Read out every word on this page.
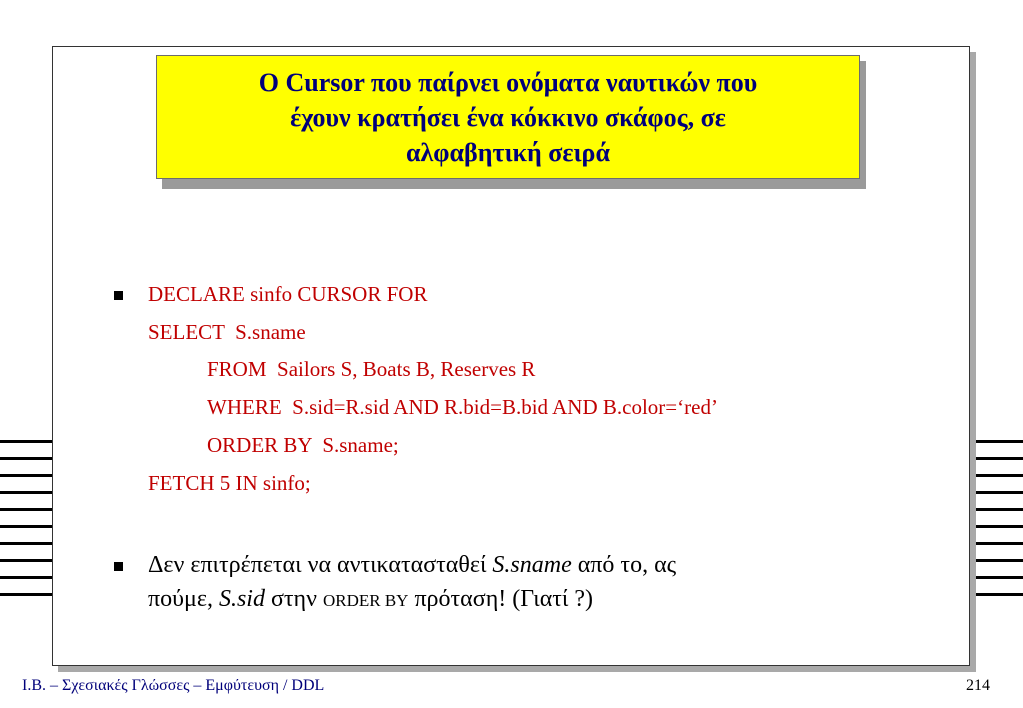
Ο Cursor που παίρνει ονόματα ναυτικών που
έχουν κρατήσει ένα κόκκινο σκάφος, σε
αλφαβητική σειρά
DECLARE sinfo CURSOR FOR
SELECT  S.sname
FROM  Sailors S, Boats B, Reserves R
WHERE  S.sid=R.sid AND R.bid=B.bid AND B.color=‘red’
ORDER BY  S.sname;
FETCH 5 IN sinfo;
Δεν επιτρέπεται να αντικατασταθεί S.sname από το, ας
πούμε, S.sid στην ORDER BY πρόταση! (Γιατί ?)
Ι.Β. – Σχεσιακές Γλώσσες – Εμφύτευση / DDL	214
